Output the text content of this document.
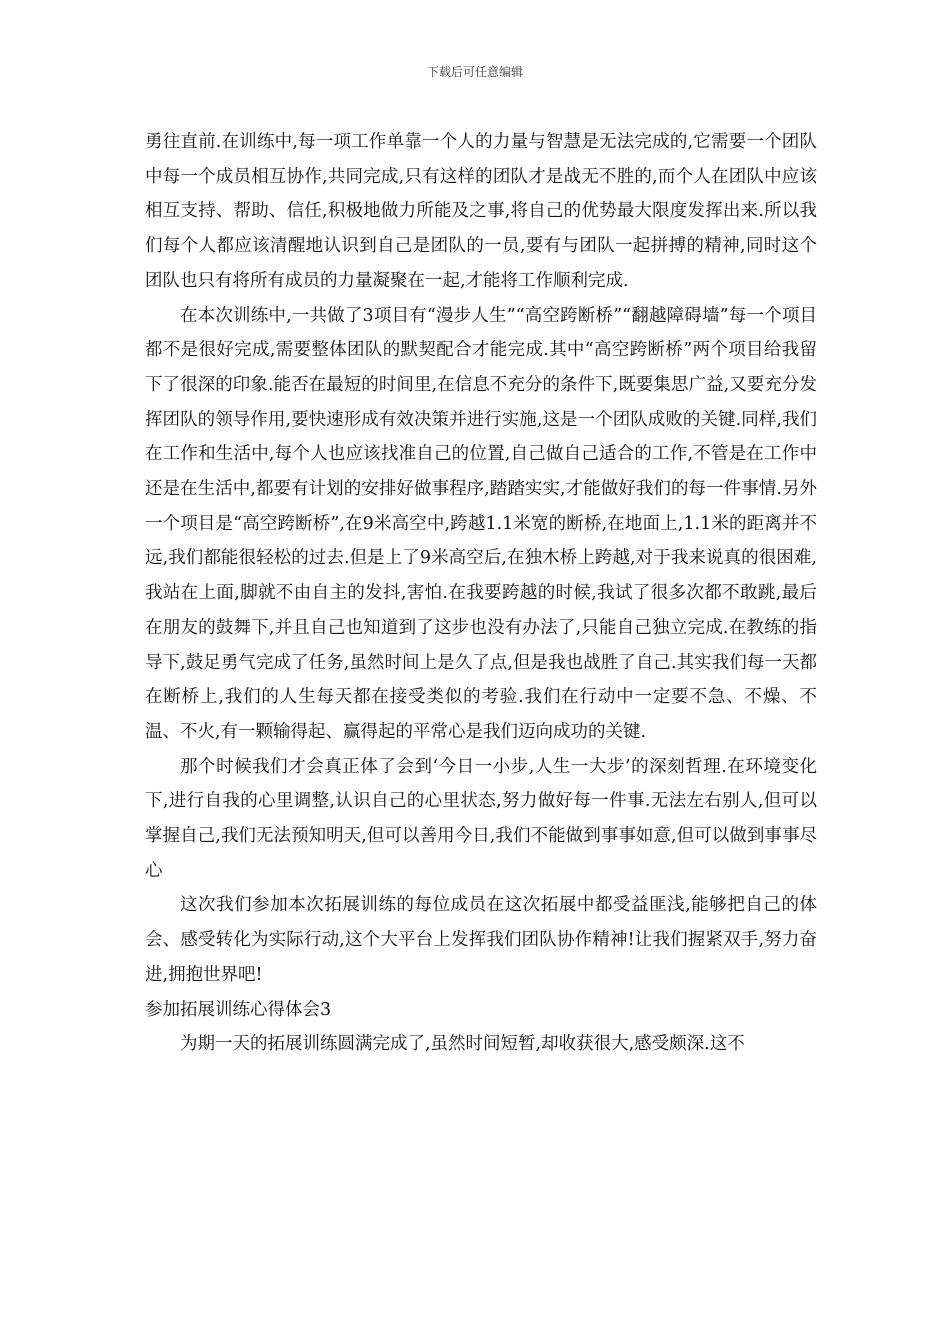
下载后可任意编辑

勇往直前.在训练中,每一项工作单靠一个人的力量与智慧是无法完成的,它需要一个团队中每一个成员相互协作,共同完成,只有这样的团队才是战无不胜的,而个人在团队中应该相互支持、帮助、信任,积极地做力所能及之事,将自己的优势最大限度发挥出来.所以我们每个人都应该清醒地认识到自己是团队的一员,要有与团队一起拼搏的精神,同时这个团队也只有将所有成员的力量凝聚在一起,才能将工作顺利完成.

在本次训练中,一共做了3项目有“漫步人生”“高空跨断桥”“翻越障碍墙”每一个项目都不是很好完成,需要整体团队的默契配合才能完成.其中“高空跨断桥”两个项目给我留下了很深的印象.能否在最短的时间里,在信息不充分的条件下,既要集思广益,又要充分发挥团队的领导作用,要快速形成有效决策并进行实施,这是一个团队成败的关键.同样,我们在工作和生活中,每个人也应该找准自己的位置,自己做自己适合的工作,不管是在工作中还是在生活中,都要有计划的安排好做事程序,踏踏实实,才能做好我们的每一件事情.另外一个项目是“高空跨断桥”,在9米高空中,跨越1.1米宽的断桥,在地面上,1.1米的距离并不远,我们都能很轻松的过去.但是上了9米高空后,在独木桥上跨越,对于我来说真的很困难,我站在上面,脚就不由自主的发抖,害怕.在我要跨越的时候,我试了很多次都不敢跳,最后在朋友的鼓舞下,并且自己也知道到了这步也没有办法了,只能自己独立完成.在教练的指导下,鼓足勇气完成了任务,虽然时间上是久了点,但是我也战胜了自己.其实我们每一天都在断桥上,我们的人生每天都在接受类似的考验.我们在行动中一定要不急、不燥、不温、不火,有一颗输得起、赢得起的平常心是我们迈向成功的关键.

那个时候我们才会真正体了会到‘今日一小步,人生一大步’的深刻哲理.在环境变化下,进行自我的心里调整,认识自己的心里状态,努力做好每一件事.无法左右别人,但可以掌握自己,我们无法预知明天,但可以善用今日,我们不能做到事事如意,但可以做到事事尽心

这次我们参加本次拓展训练的每位成员在这次拓展中都受益匪浅,能够把自己的体会、感受转化为实际行动,这个大平台上发挥我们团队协作精神!让我们握紧双手,努力奋进,拥抱世界吧!

参加拓展训练心得体会3

为期一天的拓展训练圆满完成了,虽然时间短暂,却收获很大,感受颇深.这不
